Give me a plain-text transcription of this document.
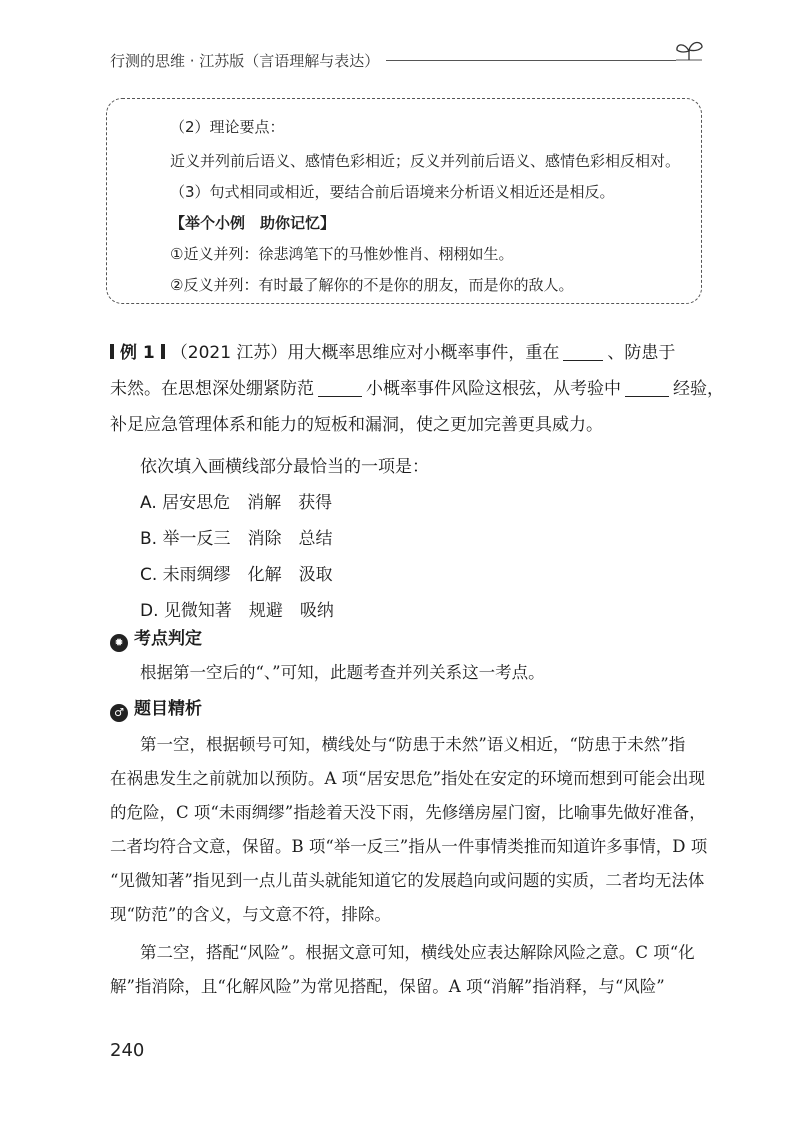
行测的思维 · 江苏版（言语理解与表达）
（2）理论要点：
近义并列前后语义、感情色彩相近；反义并列前后语义、感情色彩相反相对。
（3）句式相同或相近，要结合前后语境来分析语义相近还是相反。
【举个小例　助你记忆】
①近义并列：徐悲鸿笔下的马惟妙惟肖、栩栩如生。
②反义并列：有时最了解你的不是你的朋友，而是你的敌人。
例 1 （2021 江苏）用大概率思维应对小概率事件，重在	、防患于
未然。在思想深处绷紧防范	小概率事件风险这根弦，从考验中	经验，
补足应急管理体系和能力的短板和漏洞，使之更加完善更具威力。
依次填入画横线部分最恰当的一项是：
A. 居安思危　消解　获得
B. 举一反三　消除　总结
C. 未雨绸缪　化解　汲取
D. 见微知著　规避　吸纳
✹ 考点判定
根据第一空后的“、”可知，此题考查并列关系这一考点。
♂ 题目精析
第一空，根据顿号可知，横线处与“防患于未然”语义相近，“防患于未然”指
在祸患发生之前就加以预防。A 项“居安思危”指处在安定的环境而想到可能会出现
的危险，C 项“未雨绸缪”指趁着天没下雨，先修缮房屋门窗，比喻事先做好准备，
二者均符合文意，保留。B 项“举一反三”指从一件事情类推而知道许多事情，D 项
“见微知著”指见到一点儿苗头就能知道它的发展趋向或问题的实质，二者均无法体
现“防范”的含义，与文意不符，排除。
第二空，搭配“风险”。根据文意可知，横线处应表达解除风险之意。C 项“化
解”指消除，且“化解风险”为常见搭配，保留。A 项“消解”指消释，与“风险”
240
